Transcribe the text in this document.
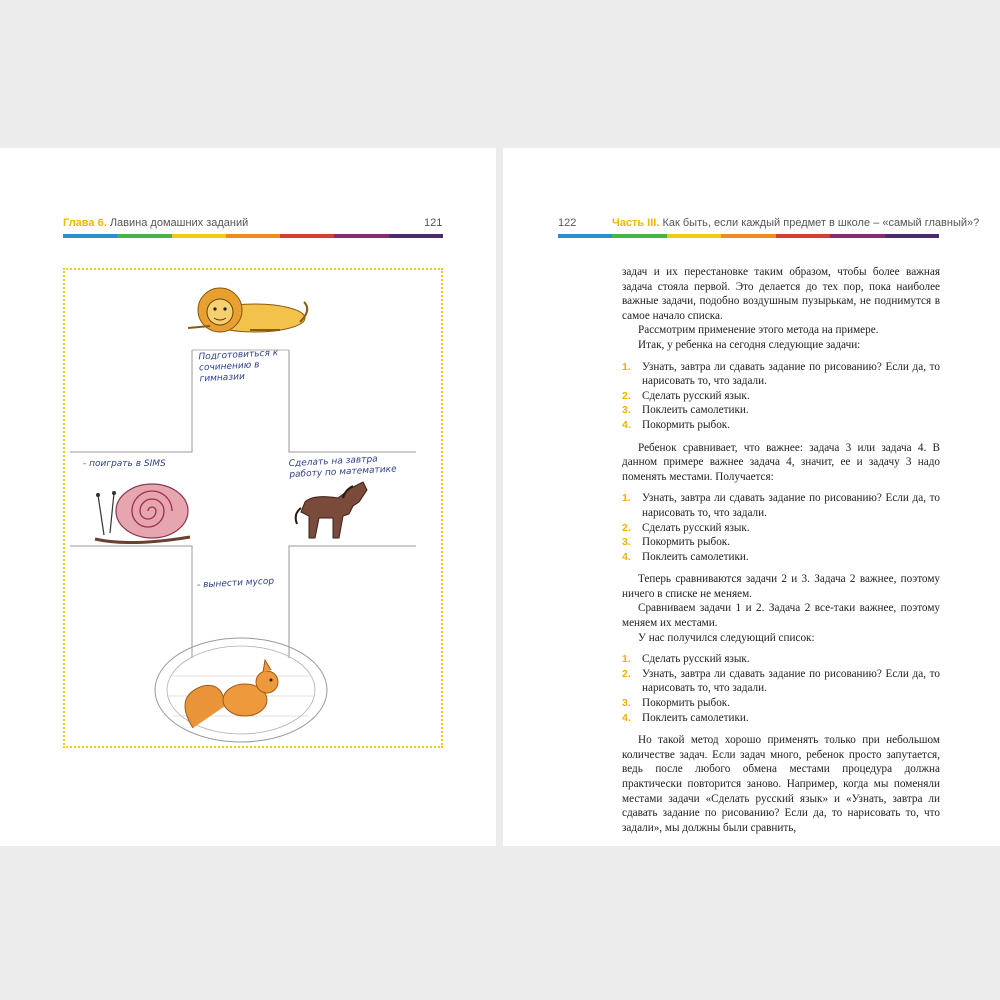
Глава 6. Лавина домашних заданий	121
Подготовиться к сочинению в гимназии
- поиграть в SIMS	Сделать на завтра работу по математике
- вынести мусор
122	Часть III. Как быть, если каждый предмет в школе – «самый главный»?

задач и их перестановке таким образом, чтобы более важная задача стояла первой. Это делается до тех пор, пока наиболее важные задачи, подобно воздушным пузырькам, не поднимутся в самое начало списка.

Рассмотрим применение этого метода на примере.

Итак, у ребенка на сегодня следующие задачи:

1. Узнать, завтра ли сдавать задание по рисованию? Если да, то нарисовать то, что задали.
2. Сделать русский язык.
3. Поклеить самолетики.
4. Покормить рыбок.

Ребенок сравнивает, что важнее: задача 3 или задача 4. В данном примере важнее задача 4, значит, ее и задачу 3 надо поменять местами. Получается:

1. Узнать, завтра ли сдавать задание по рисованию? Если да, то нарисовать то, что задали.
2. Сделать русский язык.
3. Покормить рыбок.
4. Поклеить самолетики.

Теперь сравниваются задачи 2 и 3. Задача 2 важнее, поэтому ничего в списке не меняем.

Сравниваем задачи 1 и 2. Задача 2 все-таки важнее, поэтому меняем их местами.

У нас получился следующий список:

1. Сделать русский язык.
2. Узнать, завтра ли сдавать задание по рисованию? Если да, то нарисовать то, что задали.
3. Покормить рыбок.
4. Поклеить самолетики.

Но такой метод хорошо применять только при небольшом количестве задач. Если задач много, ребенок просто запутается, ведь после любого обмена местами процедура должна практически повторится заново. Например, когда мы поменяли местами задачи «Сделать русский язык» и «Узнать, завтра ли сдавать задание по рисованию? Если да, то нарисовать то, что задали», мы должны были сравнить,
